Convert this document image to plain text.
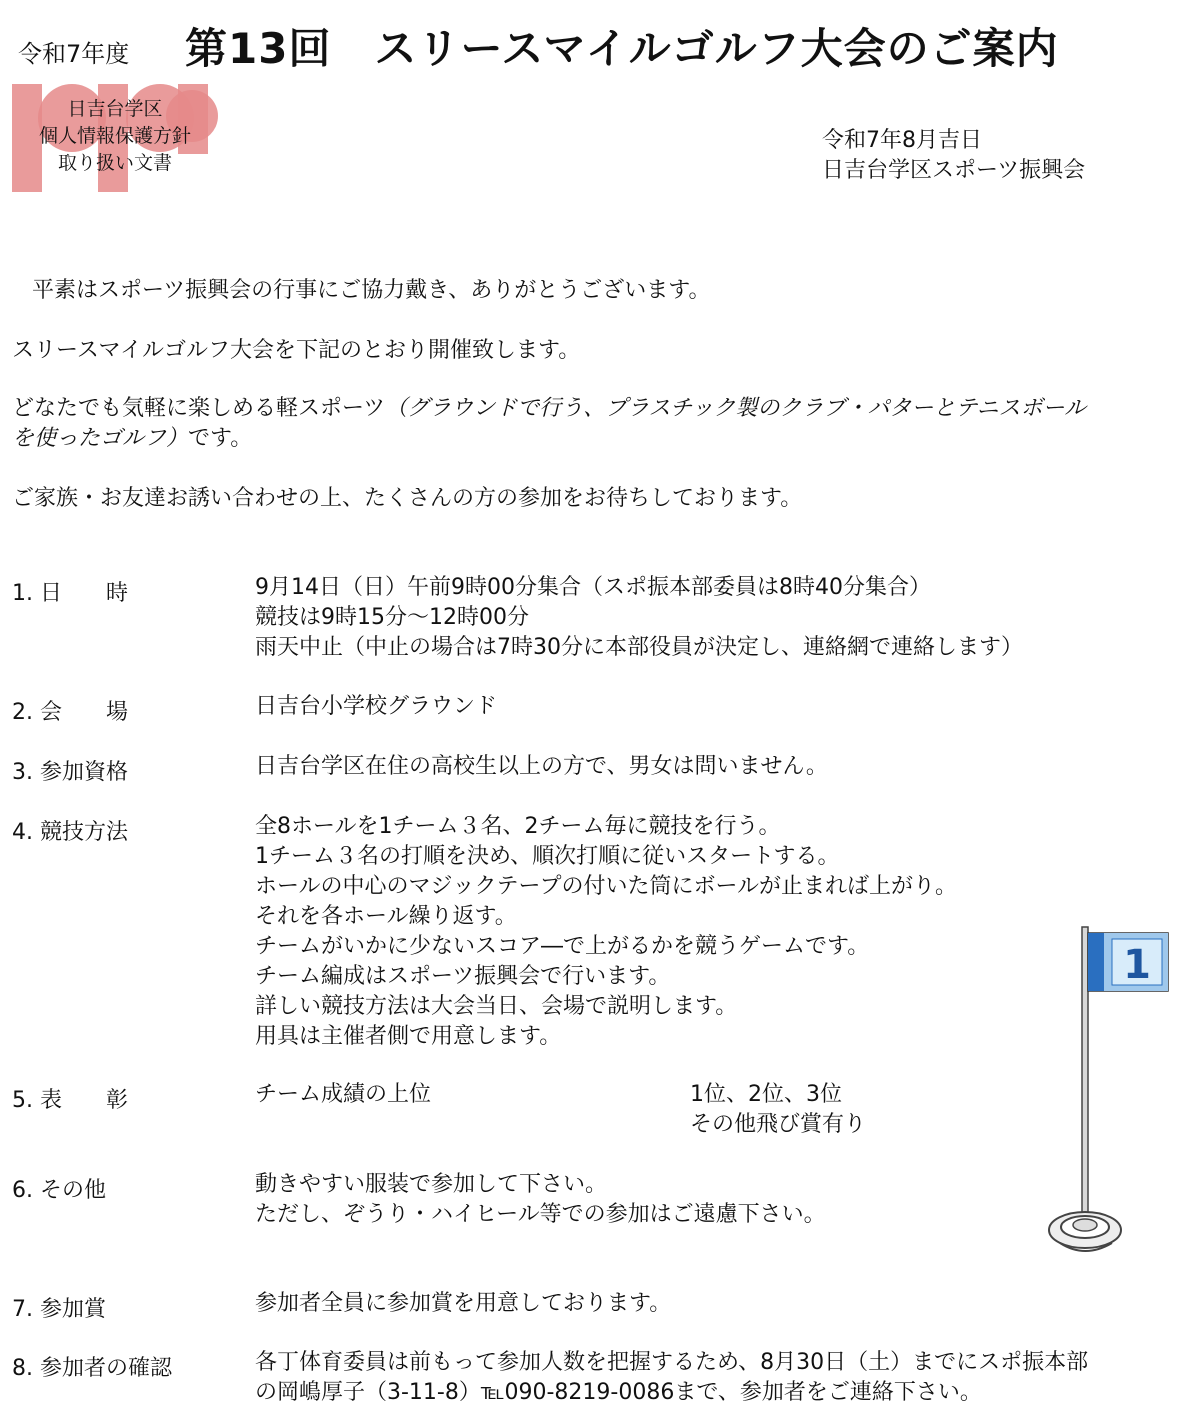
令和7年度 第13回　スリースマイルゴルフ大会のご案内
日吉台学区
個人情報保護方針
取り扱い文書
令和7年8月吉日
日吉台学区スポーツ振興会
平素はスポーツ振興会の行事にご協力戴き、ありがとうございます。
スリースマイルゴルフ大会を下記のとおり開催致します。
どなたでも気軽に楽しめる軽スポーツ（グラウンドで行う、プラスチック製のクラブ・パターとテニスボール
を使ったゴルフ）です。
ご家族・お友達お誘い合わせの上、たくさんの方の参加をお待ちしております。
1. 日　　時	9月14日（日）午前9時00分集合（スポ振本部委員は8時40分集合）
競技は9時15分～12時00分
雨天中止（中止の場合は7時30分に本部役員が決定し、連絡網で連絡します）
2. 会　　場	日吉台小学校グラウンド
3. 参加資格	日吉台学区在住の高校生以上の方で、男女は問いません。
4. 競技方法	全8ホールを1チーム３名、2チーム毎に競技を行う。
1チーム３名の打順を決め、順次打順に従いスタートする。
ホールの中心のマジックテープの付いた筒にボールが止まれば上がり。
それを各ホール繰り返す。
チームがいかに少ないスコア―で上がるかを競うゲームです。
チーム編成はスポーツ振興会で行います。
詳しい競技方法は大会当日、会場で説明します。
用具は主催者側で用意します。
5. 表　　彰	チーム成績の上位	1位、2位、3位
その他飛び賞有り
6. その他	動きやすい服装で参加して下さい。
ただし、ぞうり・ハイヒール等での参加はご遠慮下さい。
7. 参加賞	参加者全員に参加賞を用意しております。
8. 参加者の確認	各丁体育委員は前もって参加人数を把握するため、8月30日（土）までにスポ振本部
の岡嶋厚子（3-11-8）℡090-8219-0086まで、参加者をご連絡下さい。
1
